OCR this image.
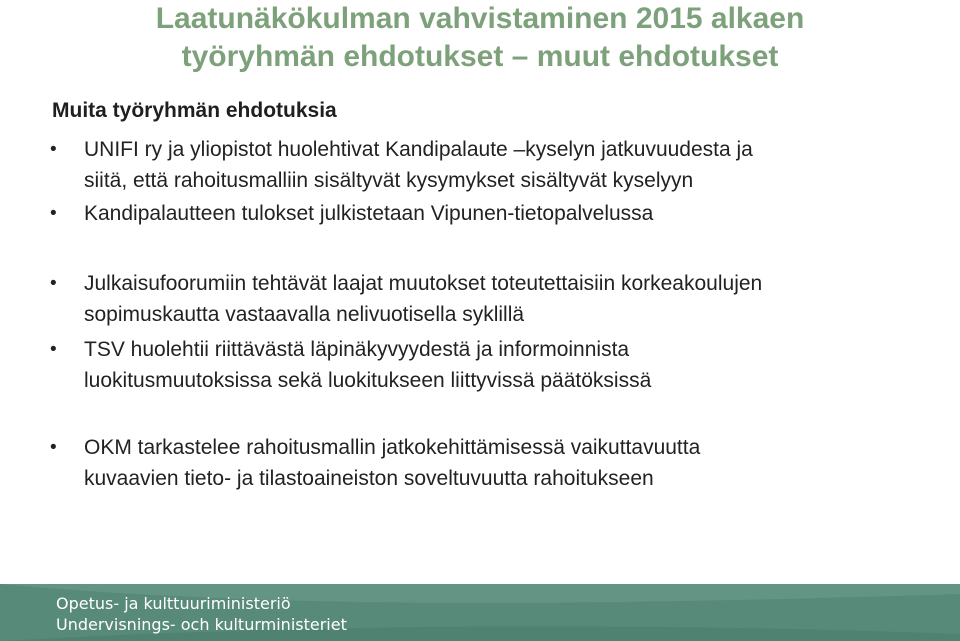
Laatunäkökulman vahvistaminen 2015 alkaen
työryhmän ehdotukset – muut ehdotukset
Muita työryhmän ehdotuksia
•	UNIFI ry ja yliopistot huolehtivat Kandipalaute –kyselyn jatkuvuudesta ja
siitä, että rahoitusmalliin sisältyvät kysymykset sisältyvät kyselyyn
•	Kandipalautteen tulokset julkistetaan Vipunen-tietopalvelussa
•	Julkaisufoorumiin tehtävät laajat muutokset toteutettaisiin korkeakoulujen
sopimuskautta vastaavalla nelivuotisella syklillä
•	TSV huolehtii riittävästä läpinäkyvyydestä ja informoinnista
luokitusmuutoksissa sekä luokitukseen liittyvissä päätöksissä
•	OKM tarkastelee rahoitusmallin jatkokehittämisessä vaikuttavuutta
kuvaavien tieto- ja tilastoaineiston soveltuvuutta rahoitukseen
Opetus- ja kulttuuriministeriö
Undervisnings- och kulturministeriet
